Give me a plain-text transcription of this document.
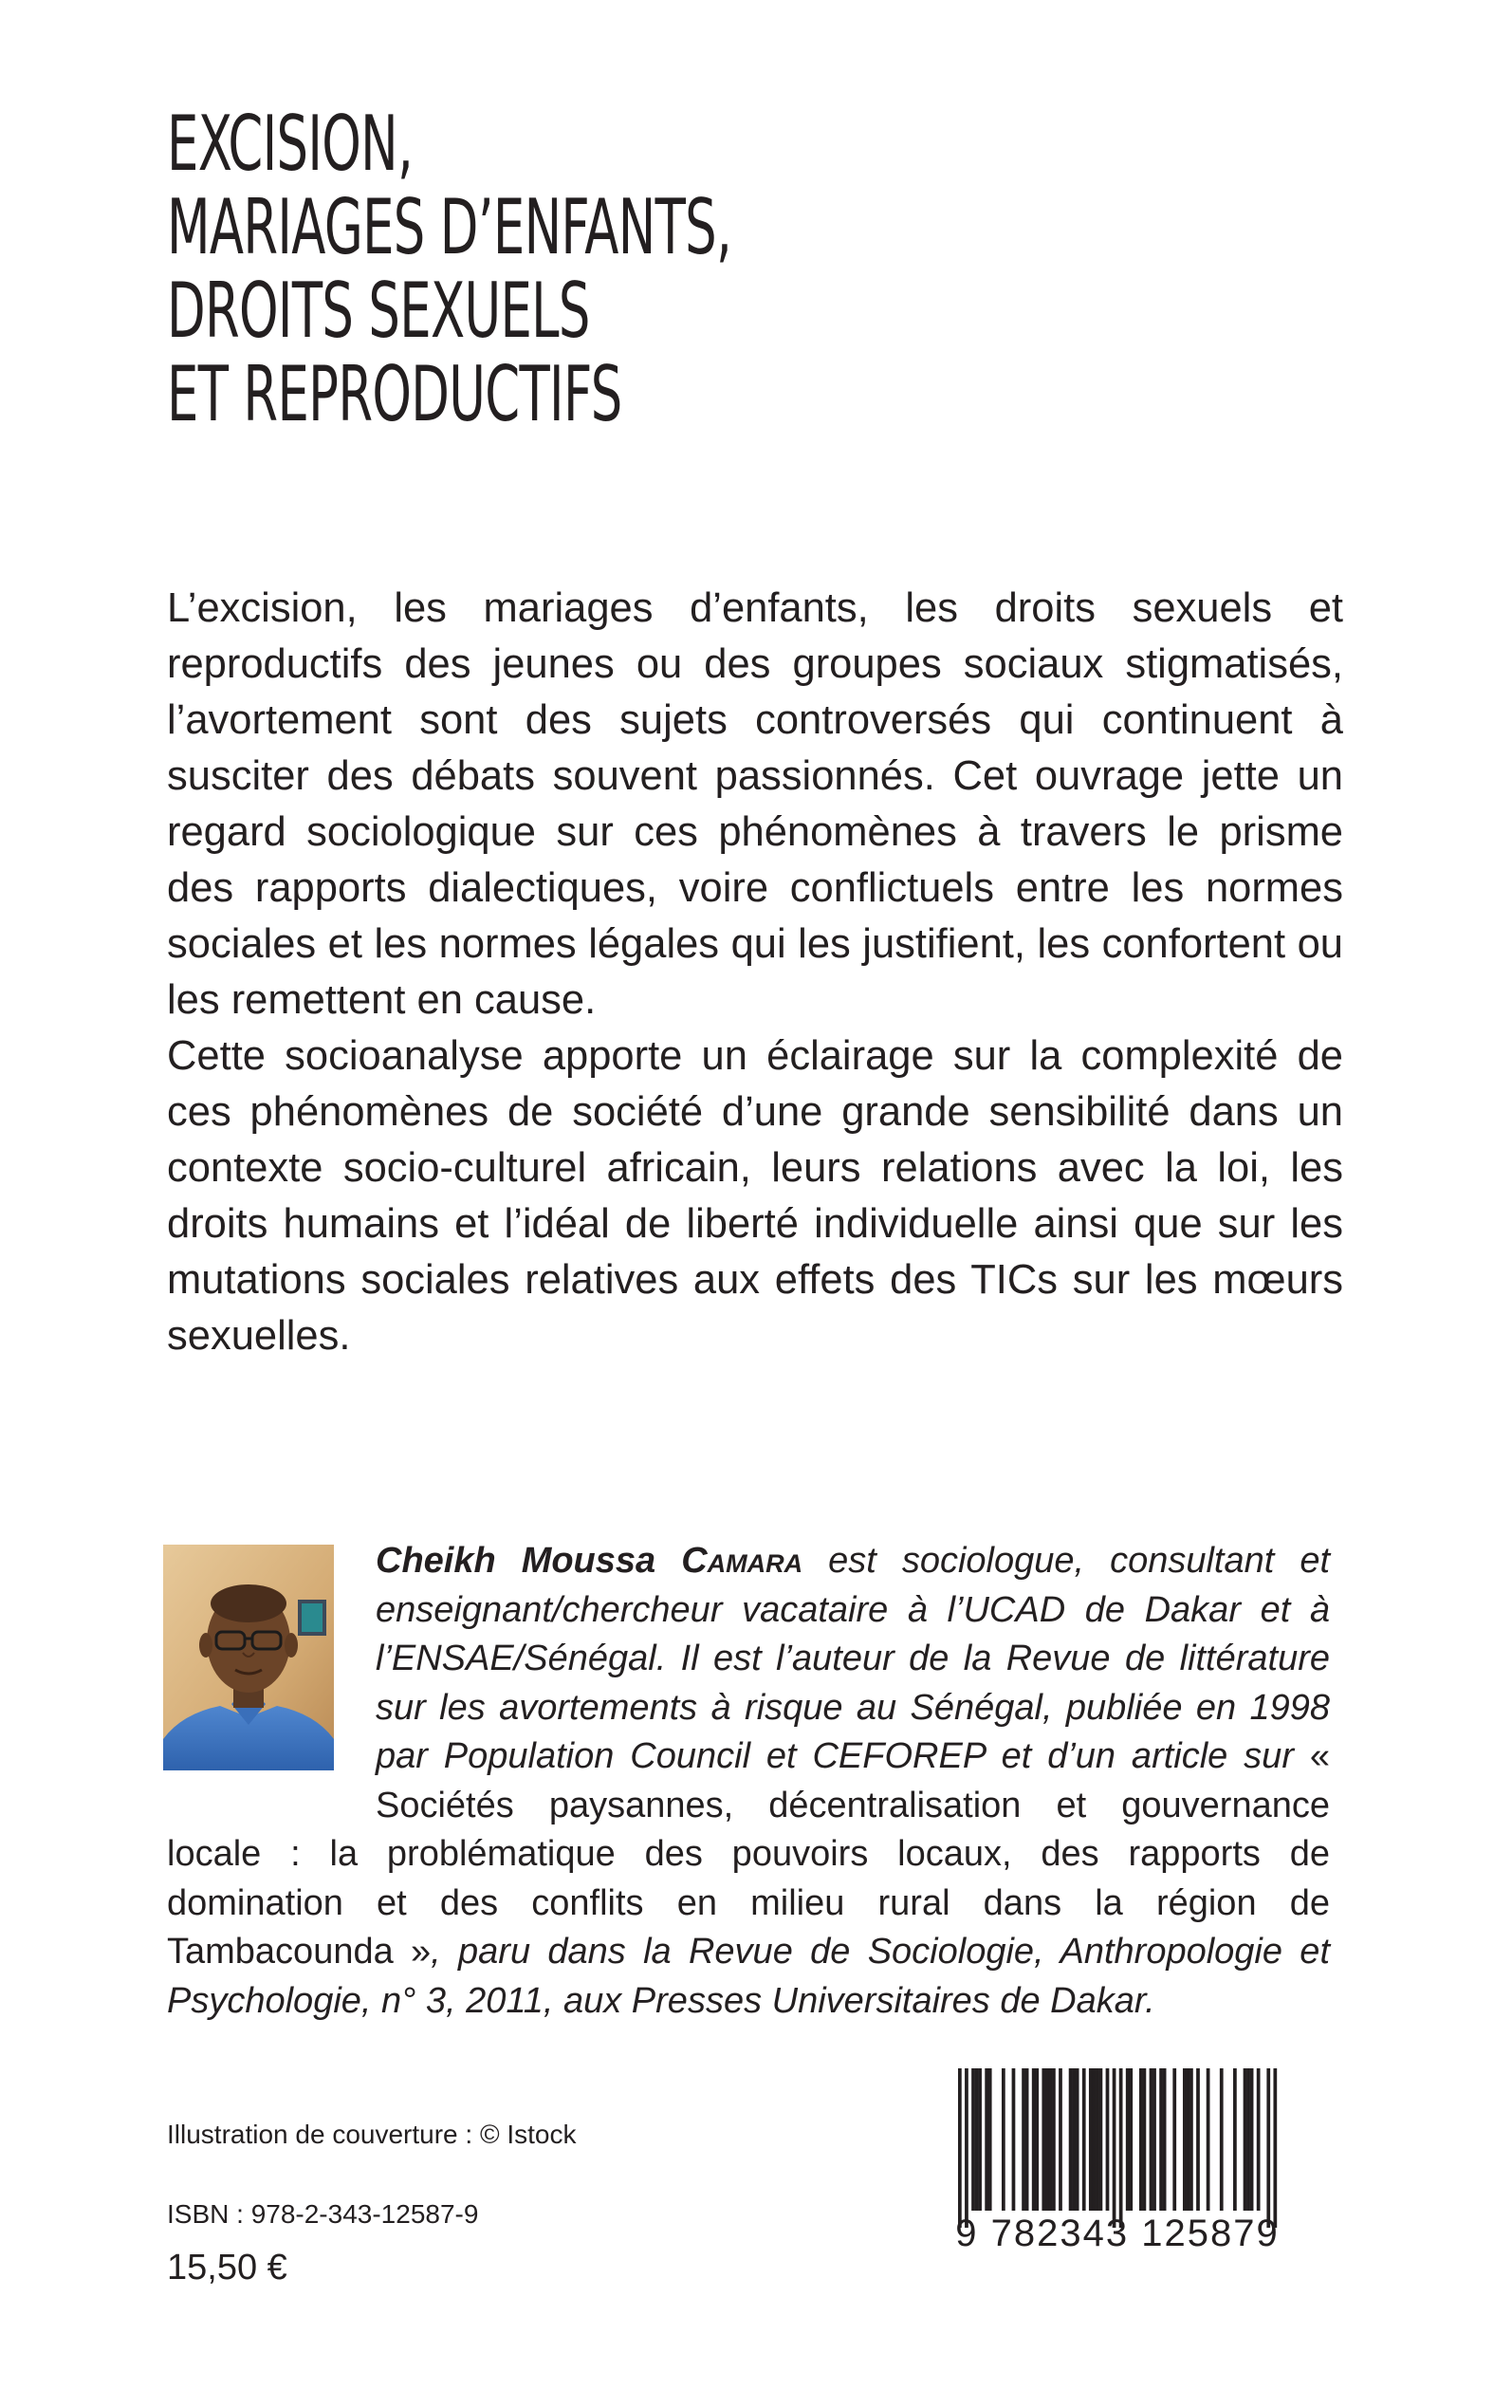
EXCISION,
MARIAGES D’ENFANTS,
DROITS SEXUELS
ET REPRODUCTIFS

L’excision, les mariages d’enfants, les droits sexuels et reproductifs des jeunes ou des groupes sociaux stigmatisés, l’avortement sont des sujets controversés qui continuent à susciter des débats souvent passionnés. Cet ouvrage jette un regard sociologique sur ces phénomènes à travers le prisme des rapports dialectiques, voire conflictuels entre les normes sociales et les normes légales qui les justifient, les confortent ou les remettent en cause.

Cette socioanalyse apporte un éclairage sur la complexité de ces phénomènes de société d’une grande sensibilité dans un contexte socio-culturel africain, leurs relations avec la loi, les droits humains et l’idéal de liberté individuelle ainsi que sur les mutations sociales relatives aux effets des TICs sur les mœurs sexuelles.

Cheikh Moussa Camara est sociologue, consultant et enseignant/chercheur vacataire à l’UCAD de Dakar et à l’ENSAE/Sénégal. Il est l’auteur de la Revue de littérature sur les avortements à risque au Sénégal, publiée en 1998 par Population Council et CEFOREP et d’un article sur « Sociétés paysannes, décentralisation et gouvernance locale : la problématique des pouvoirs locaux, des rapports de domination et des conflits en milieu rural dans la région de Tambacounda », paru dans la Revue de Sociologie, Anthropologie et Psychologie, n° 3, 2011, aux Presses Universitaires de Dakar.
Illustration de couverture : © Istock
ISBN : 978-2-343-12587-9
15,50 €
9 782343 125879
